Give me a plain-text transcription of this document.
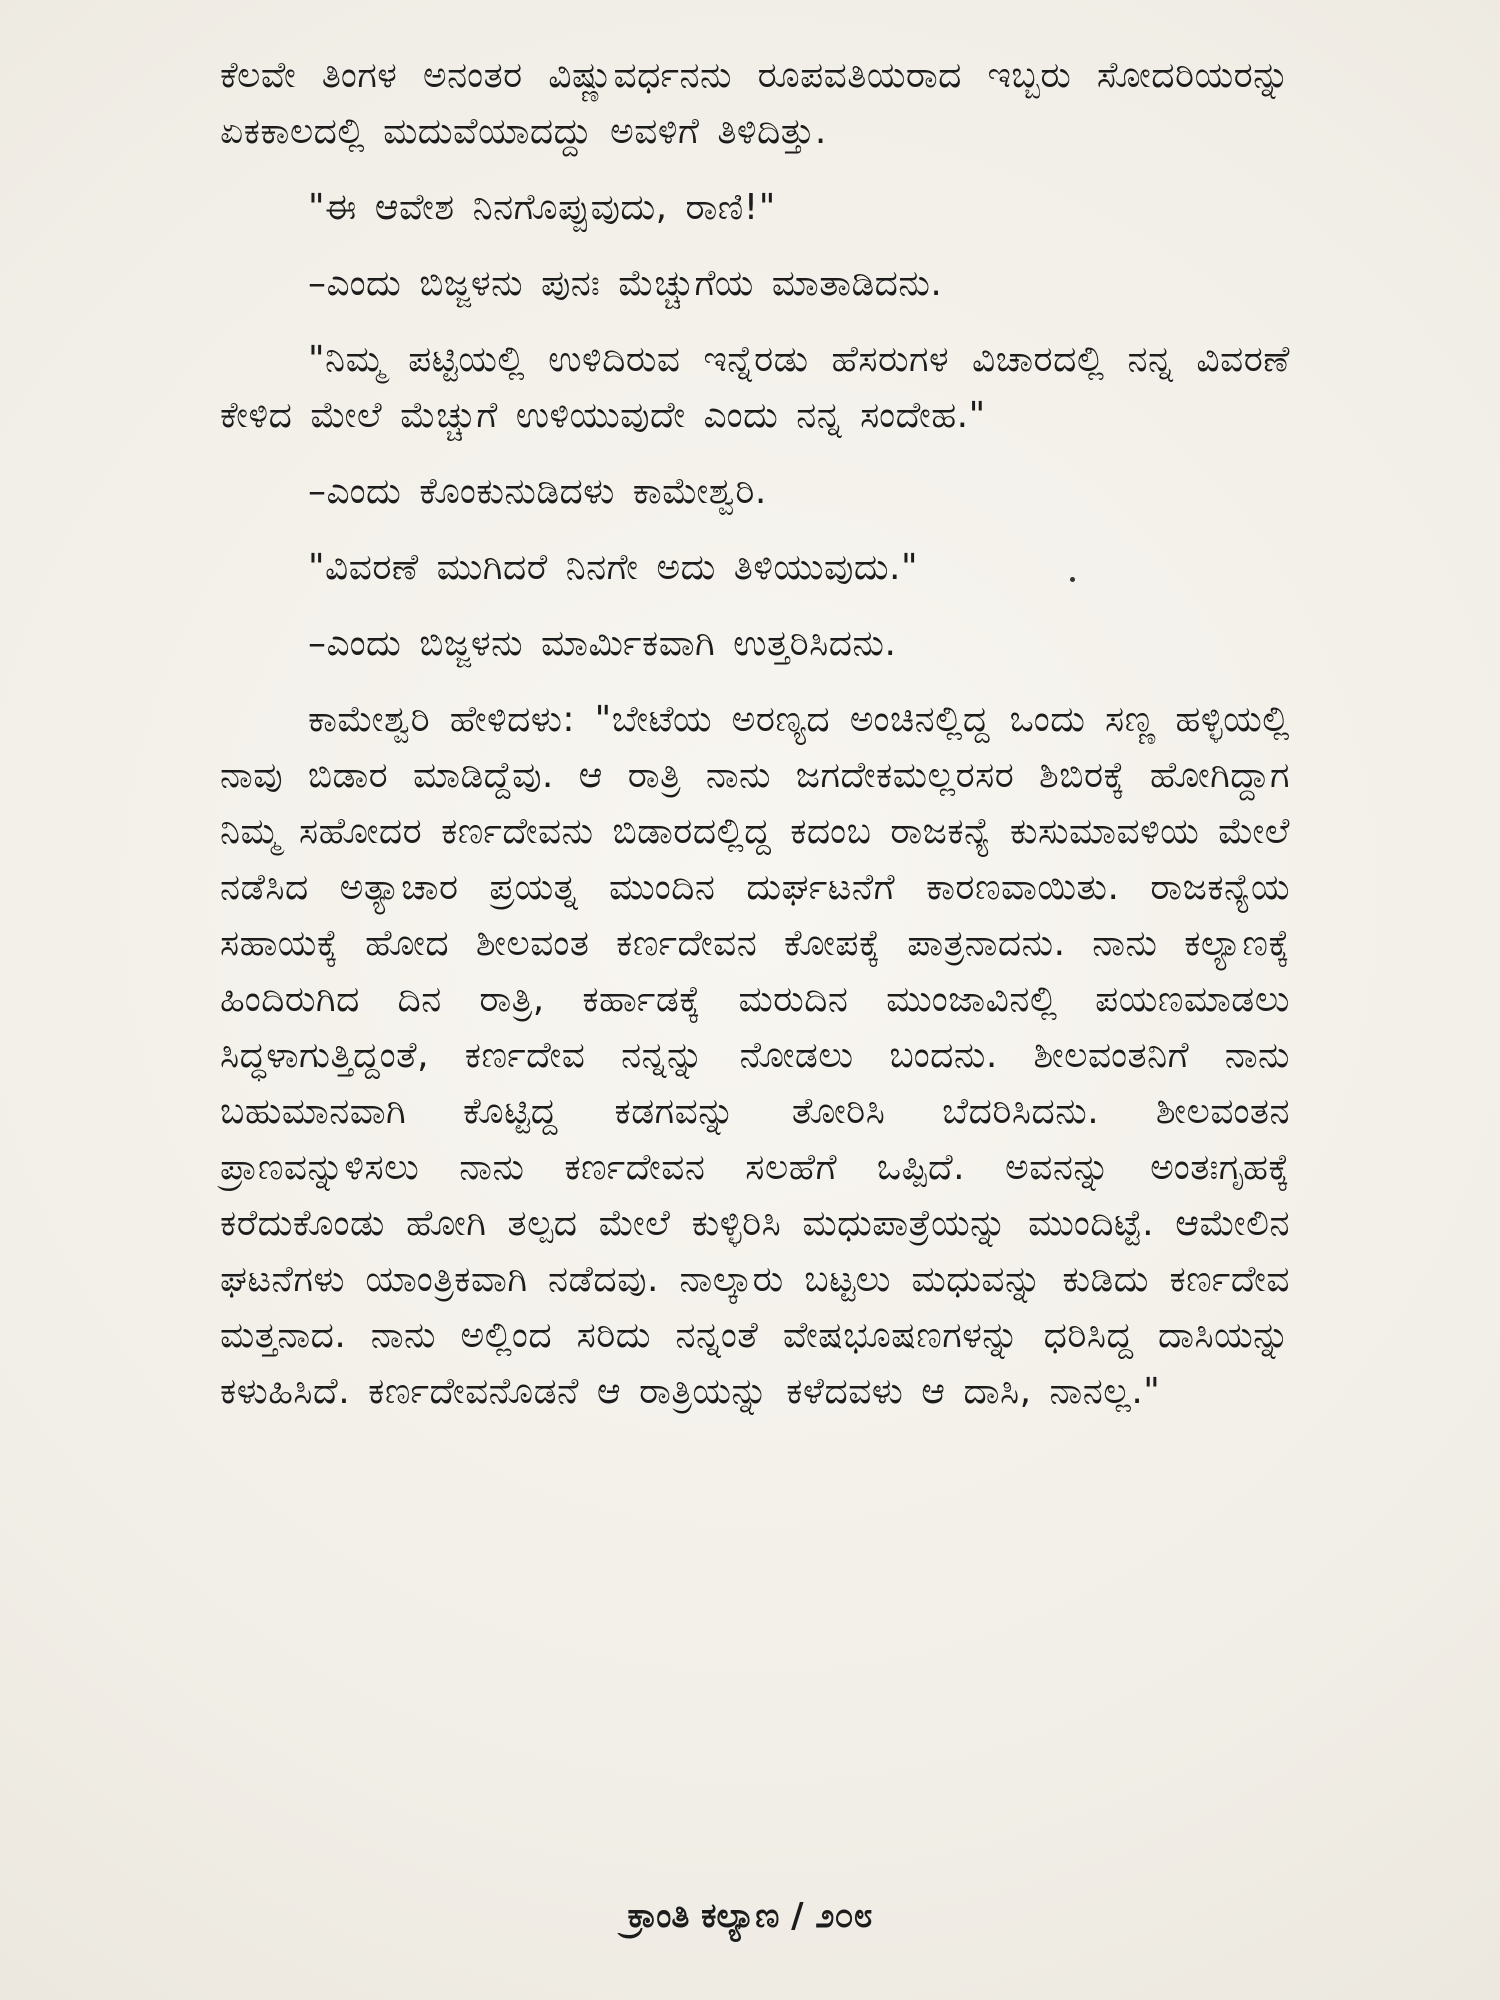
ಕೆಲವೇ ತಿಂಗಳ ಅನಂತರ ವಿಷ್ಣುವರ್ಧನನು ರೂಪವತಿಯರಾದ ಇಬ್ಬರು ಸೋದರಿಯರನ್ನು ಏಕಕಾಲದಲ್ಲಿ ಮದುವೆಯಾದದ್ದು ಅವಳಿಗೆ ತಿಳಿದಿತ್ತು.

"ಈ ಆವೇಶ ನಿನಗೊಪ್ಪುವುದು, ರಾಣಿ!"

–ಎಂದು ಬಿಜ್ಜಳನು ಪುನಃ ಮೆಚ್ಚುಗೆಯ ಮಾತಾಡಿದನು.

"ನಿಮ್ಮ ಪಟ್ಟಿಯಲ್ಲಿ ಉಳಿದಿರುವ ಇನ್ನೆರಡು ಹೆಸರುಗಳ ವಿಚಾರದಲ್ಲಿ ನನ್ನ ವಿವರಣೆ ಕೇಳಿದ ಮೇಲೆ ಮೆಚ್ಚುಗೆ ಉಳಿಯುವುದೇ ಎಂದು ನನ್ನ ಸಂದೇಹ."

–ಎಂದು ಕೊಂಕುನುಡಿದಳು ಕಾಮೇಶ್ವರಿ.

"ವಿವರಣೆ ಮುಗಿದರೆ ನಿನಗೇ ಅದು ತಿಳಿಯುವುದು."

–ಎಂದು ಬಿಜ್ಜಳನು ಮಾರ್ಮಿಕವಾಗಿ ಉತ್ತರಿಸಿದನು.

ಕಾಮೇಶ್ವರಿ ಹೇಳಿದಳು: "ಬೇಟೆಯ ಅರಣ್ಯದ ಅಂಚಿನಲ್ಲಿದ್ದ ಒಂದು ಸಣ್ಣ ಹಳ್ಳಿಯಲ್ಲಿ ನಾವು ಬಿಡಾರ ಮಾಡಿದ್ದೆವು. ಆ ರಾತ್ರಿ ನಾನು ಜಗದೇಕಮಲ್ಲರಸರ ಶಿಬಿರಕ್ಕೆ ಹೋಗಿದ್ದಾಗ ನಿಮ್ಮ ಸಹೋದರ ಕರ್ಣದೇವನು ಬಿಡಾರದಲ್ಲಿದ್ದ ಕದಂಬ ರಾಜಕನ್ಯೆ ಕುಸುಮಾವಳಿಯ ಮೇಲೆ ನಡೆಸಿದ ಅತ್ಯಾಚಾರ ಪ್ರಯತ್ನ ಮುಂದಿನ ದುರ್ಘಟನೆಗೆ ಕಾರಣವಾಯಿತು. ರಾಜಕನ್ಯೆಯ ಸಹಾಯಕ್ಕೆ ಹೋದ ಶೀಲವಂತ ಕರ್ಣದೇವನ ಕೋಪಕ್ಕೆ ಪಾತ್ರನಾದನು. ನಾನು ಕಲ್ಯಾಣಕ್ಕೆ ಹಿಂದಿರುಗಿದ ದಿನ ರಾತ್ರಿ, ಕರ್ಹಾಡಕ್ಕೆ ಮರುದಿನ ಮುಂಜಾವಿನಲ್ಲಿ ಪಯಣಮಾಡಲು ಸಿದ್ಧಳಾಗುತ್ತಿದ್ದಂತೆ, ಕರ್ಣದೇವ ನನ್ನನ್ನು ನೋಡಲು ಬಂದನು. ಶೀಲವಂತನಿಗೆ ನಾನು ಬಹುಮಾನವಾಗಿ ಕೊಟ್ಟಿದ್ದ ಕಡಗವನ್ನು ತೋರಿಸಿ ಬೆದರಿಸಿದನು. ಶೀಲವಂತನ ಪ್ರಾಣವನ್ನುಳಿಸಲು ನಾನು ಕರ್ಣದೇವನ ಸಲಹೆಗೆ ಒಪ್ಪಿದೆ. ಅವನನ್ನು ಅಂತಃಗೃಹಕ್ಕೆ ಕರೆದುಕೊಂಡು ಹೋಗಿ ತಲ್ಪದ ಮೇಲೆ ಕುಳ್ಳಿರಿಸಿ ಮಧುಪಾತ್ರೆಯನ್ನು ಮುಂದಿಟ್ಟೆ. ಆಮೇಲಿನ ಘಟನೆಗಳು ಯಾಂತ್ರಿಕವಾಗಿ ನಡೆದವು. ನಾಲ್ಕಾರು ಬಟ್ಟಲು ಮಧುವನ್ನು ಕುಡಿದು ಕರ್ಣದೇವ ಮತ್ತನಾದ. ನಾನು ಅಲ್ಲಿಂದ ಸರಿದು ನನ್ನಂತೆ ವೇಷಭೂಷಣಗಳನ್ನು ಧರಿಸಿದ್ದ ದಾಸಿಯನ್ನು ಕಳುಹಿಸಿದೆ. ಕರ್ಣದೇವನೊಡನೆ ಆ ರಾತ್ರಿಯನ್ನು ಕಳೆದವಳು ಆ ದಾಸಿ, ನಾನಲ್ಲ."

ಕ್ರಾಂತಿ ಕಲ್ಯಾಣ / ೨೦೮
